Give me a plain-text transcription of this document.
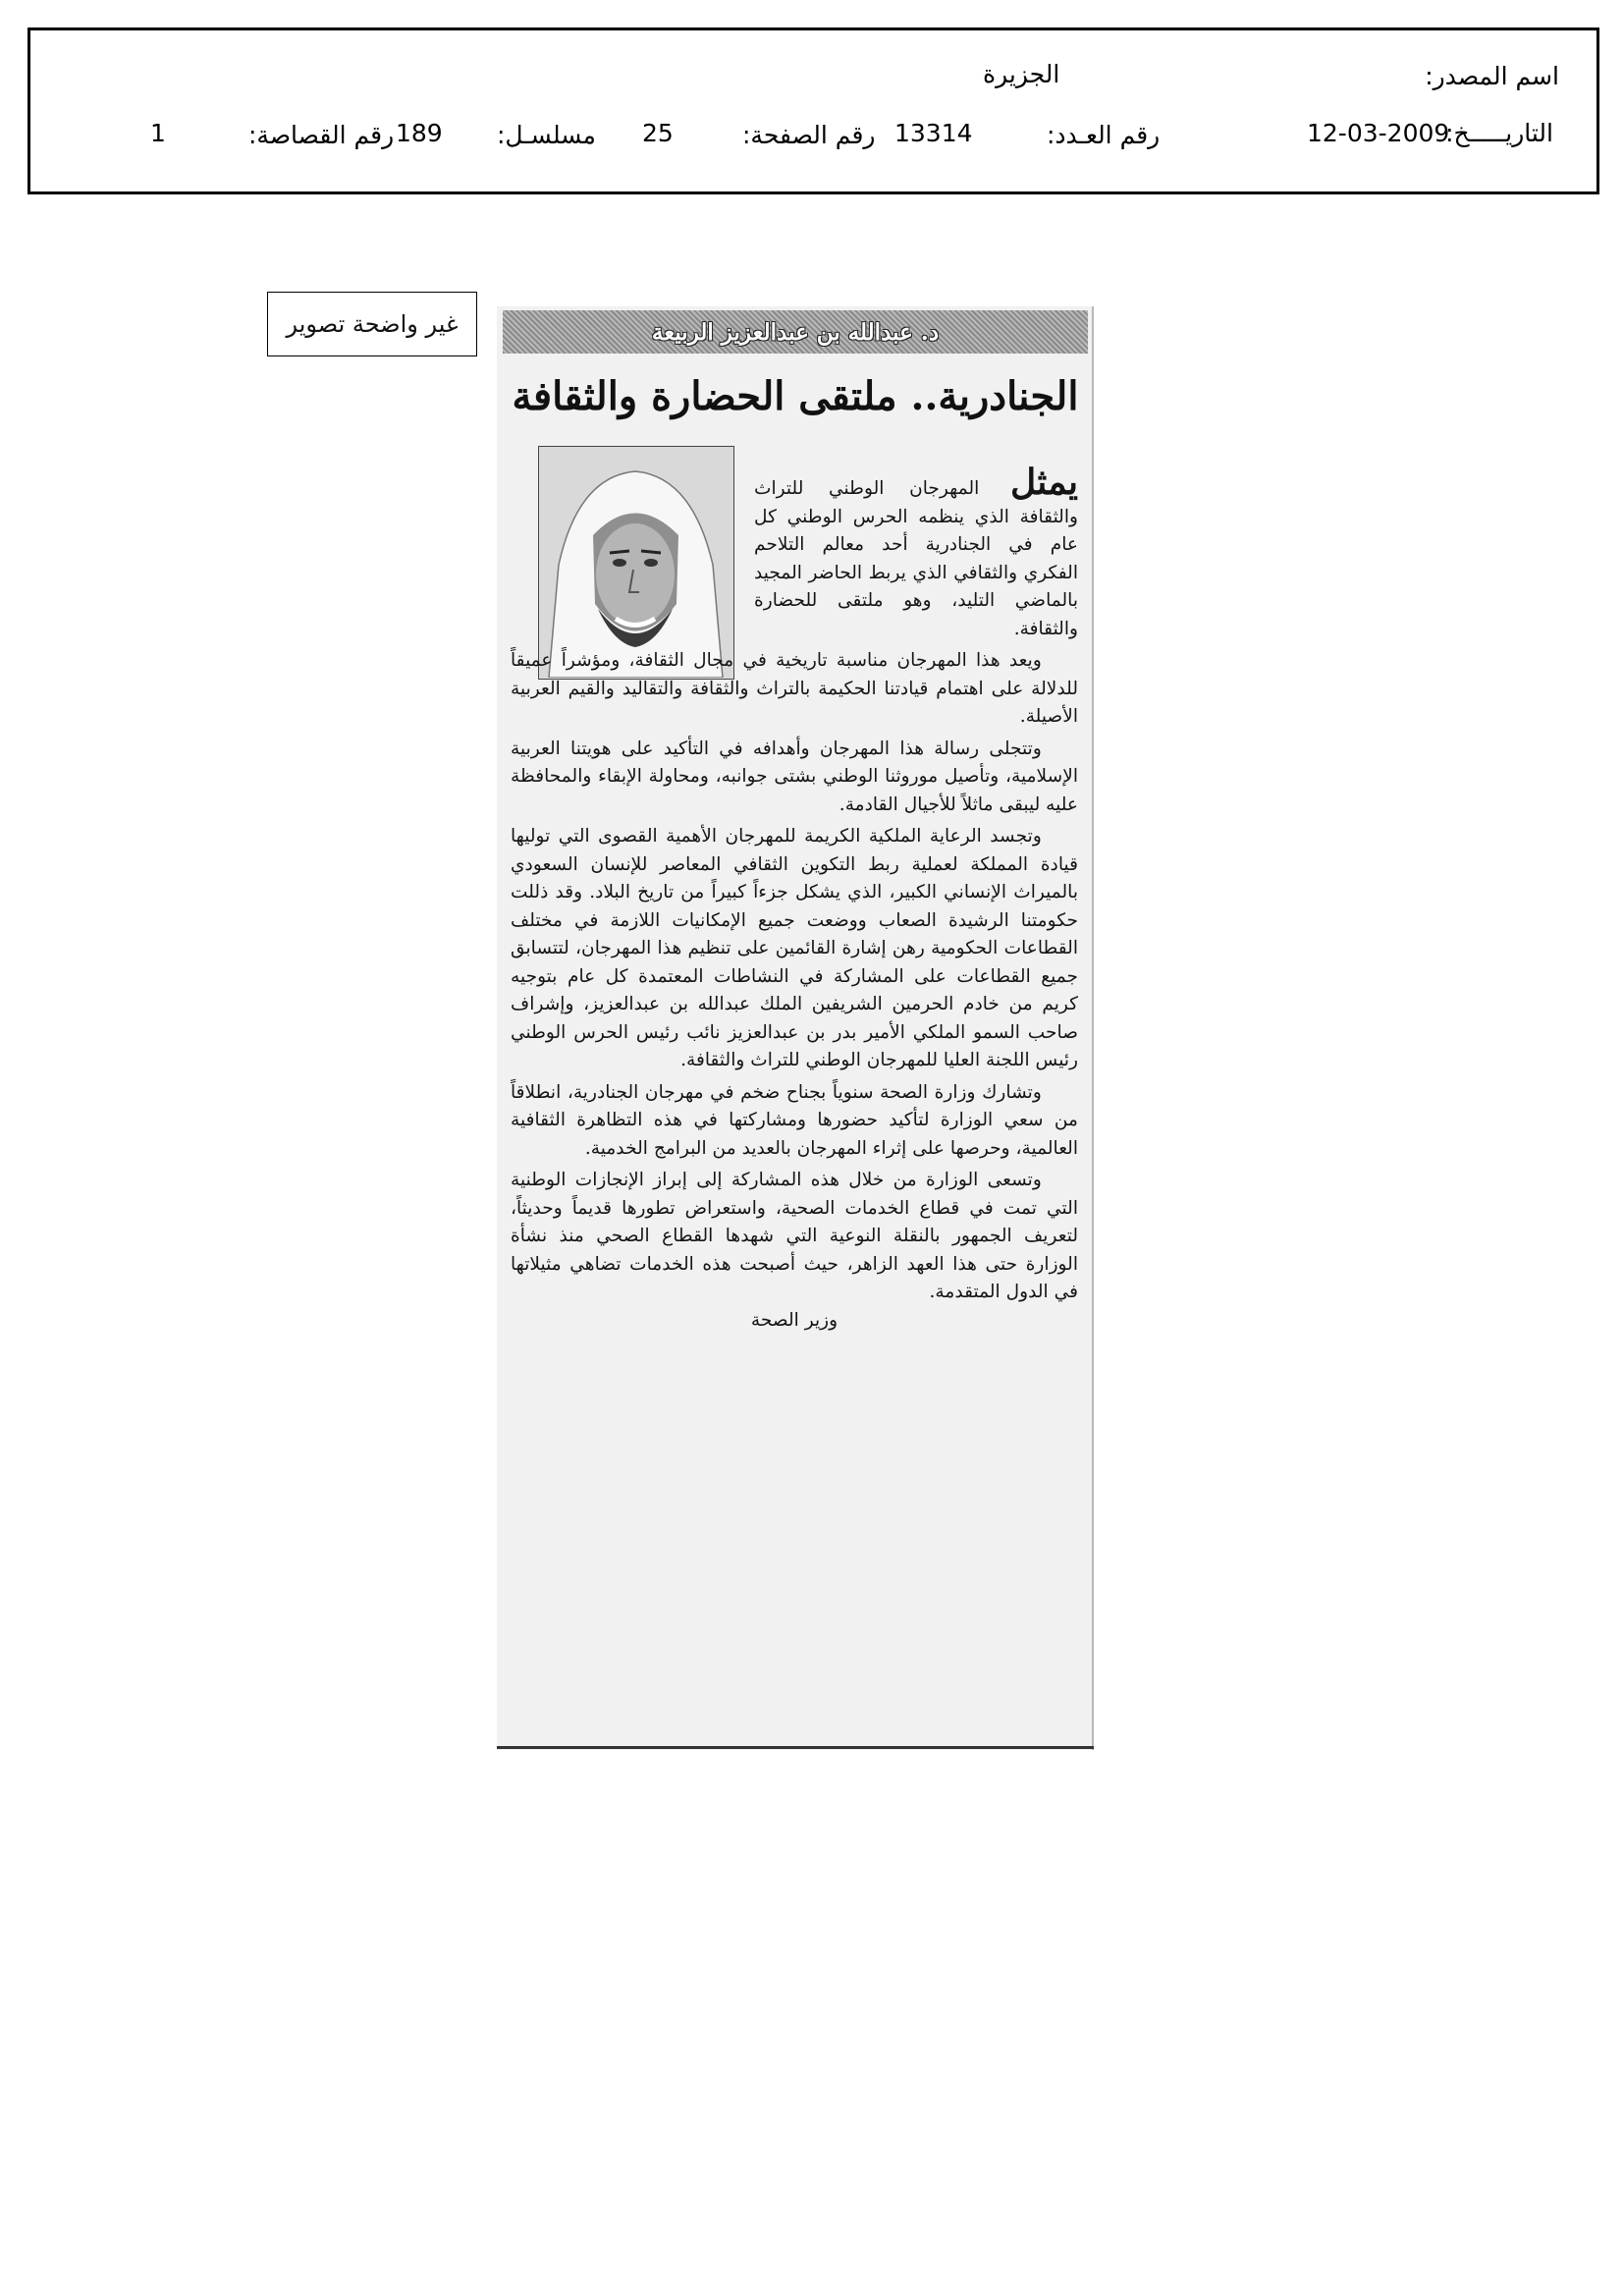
اسم المصدر:
الجزيرة
التاريـــــخ:
12-03-2009
رقم العـدد:
13314
رقم الصفحة:
25
مسلسـل:
189
رقم القصاصة:
1
غير واضحة تصوير	د. عبدالله بن عبدالعزيز الربيعة
الجنادرية.. ملتقى الحضارة والثقافة

يمثل المهرجان الوطني للتراث والثقافة الذي ينظمه الحرس الوطني كل عام في الجنادرية أحد معالم التلاحم الفكري والثقافي الذي يربط الحاضر المجيد بالماضي التليد، وهو ملتقى للحضارة والثقافة.

ويعد هذا المهرجان مناسبة تاريخية في مجال الثقافة، ومؤشراً عميقاً للدلالة على اهتمام قيادتنا الحكيمة بالتراث والثقافة والتقاليد والقيم العربية الأصيلة.

وتتجلى رسالة هذا المهرجان وأهدافه في التأكيد على هويتنا العربية الإسلامية، وتأصيل موروثنا الوطني بشتى جوانبه، ومحاولة الإبقاء والمحافظة عليه ليبقى ماثلاً للأجيال القادمة.

وتجسد الرعاية الملكية الكريمة للمهرجان الأهمية القصوى التي توليها قيادة المملكة لعملية ربط التكوين الثقافي المعاصر للإنسان السعودي بالميراث الإنساني الكبير، الذي يشكل جزءاً كبيراً من تاريخ البلاد. وقد ذللت حكومتنا الرشيدة الصعاب ووضعت جميع الإمكانيات اللازمة في مختلف القطاعات الحكومية رهن إشارة القائمين على تنظيم هذا المهرجان، لتتسابق جميع القطاعات على المشاركة في النشاطات المعتمدة كل عام بتوجيه كريم من خادم الحرمين الشريفين الملك عبدالله بن عبدالعزيز، وإشراف صاحب السمو الملكي الأمير بدر بن عبدالعزيز نائب رئيس الحرس الوطني رئيس اللجنة العليا للمهرجان الوطني للتراث والثقافة.

وتشارك وزارة الصحة سنوياً بجناح ضخم في مهرجان الجنادرية، انطلاقاً من سعي الوزارة لتأكيد حضورها ومشاركتها في هذه التظاهرة الثقافية العالمية، وحرصها على إثراء المهرجان بالعديد من البرامج الخدمية.

وتسعى الوزارة من خلال هذه المشاركة إلى إبراز الإنجازات الوطنية التي تمت في قطاع الخدمات الصحية، واستعراض تطورها قديماً وحديثاً، لتعريف الجمهور بالنقلة النوعية التي شهدها القطاع الصحي منذ نشأة الوزارة حتى هذا العهد الزاهر، حيث أصبحت هذه الخدمات تضاهي مثيلاتها في الدول المتقدمة.

وزير الصحة
